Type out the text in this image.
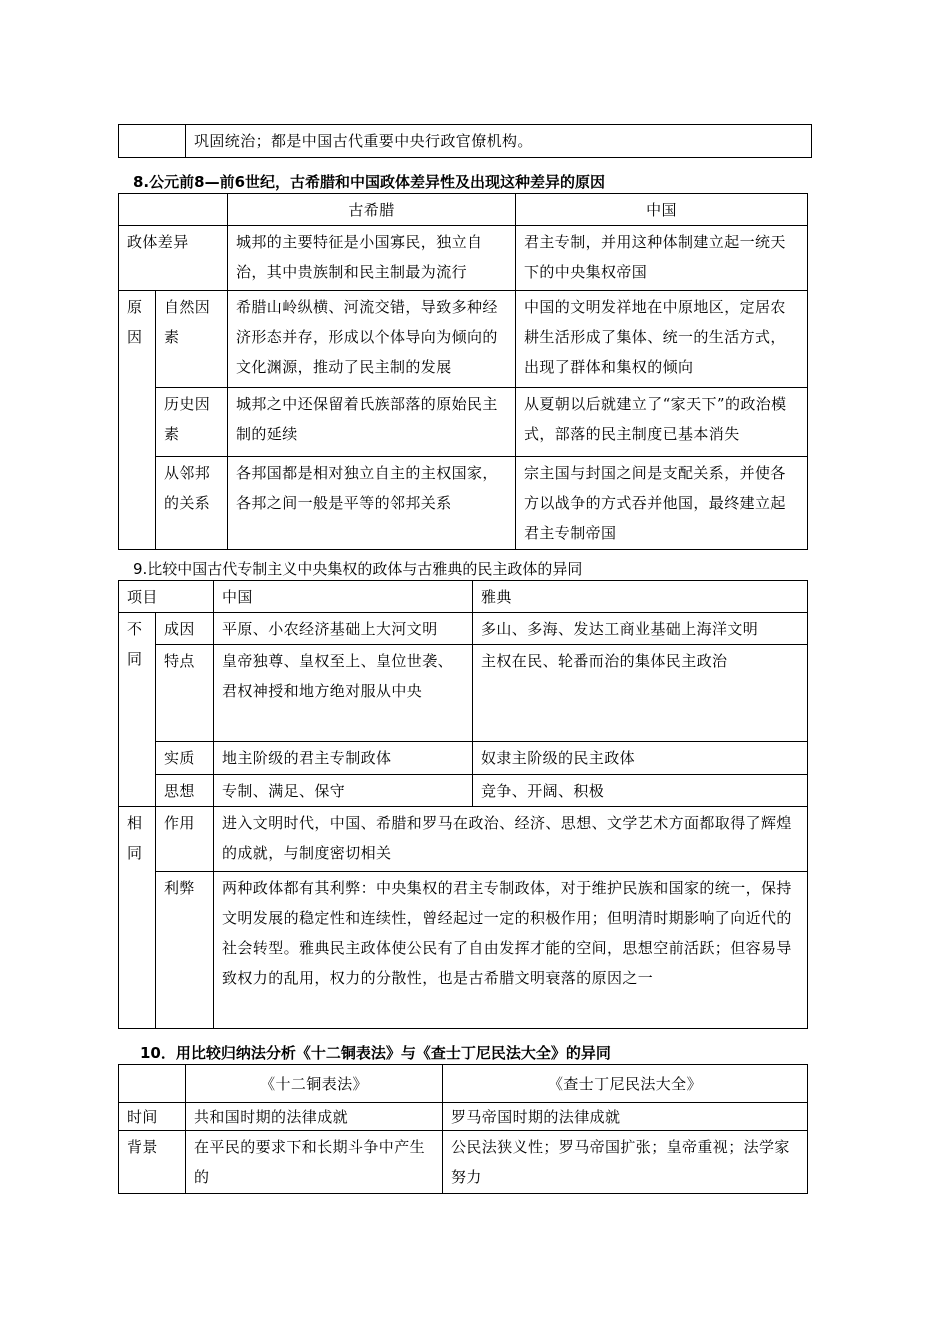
	巩固统治；都是中国古代重要中央行政官僚机构。
8.公元前8—前6世纪，古希腊和中国政体差异性及出现这种差异的原因
		古希腊	中国
政体差异		城邦的主要特征是小国寡民，独立自治，其中贵族制和民主制最为流行	君主专制，并用这种体制建立起一统天下的中央集权帝国
原因	自然因素	希腊山岭纵横、河流交错，导致多种经济形态并存，形成以个体导向为倾向的文化渊源，推动了民主制的发展	中国的文明发祥地在中原地区，定居农耕生活形成了集体、统一的生活方式，出现了群体和集权的倾向
	历史因素	城邦之中还保留着氏族部落的原始民主制的延续	从夏朝以后就建立了“家天下”的政治模式，部落的民主制度已基本消失
	从邻邦的关系	各邦国都是相对独立自主的主权国家，各邦之间一般是平等的邻邦关系	宗主国与封国之间是支配关系，并使各方以战争的方式吞并他国，最终建立起君主专制帝国
9.比较中国古代专制主义中央集权的政体与古雅典的民主政体的异同
项目		中国	雅典
不同	成因	平原、小农经济基础上大河文明	多山、多海、发达工商业基础上海洋文明
	特点	皇帝独尊、皇权至上、皇位世袭、君权神授和地方绝对服从中央	主权在民、轮番而治的集体民主政治
	实质	地主阶级的君主专制政体	奴隶主阶级的民主政体
	思想	专制、满足、保守	竞争、开阔、积极
相同	作用	进入文明时代，中国、希腊和罗马在政治、经济、思想、文学艺术方面都取得了辉煌的成就，与制度密切相关	
	利弊	两种政体都有其利弊：中央集权的君主专制政体，对于维护民族和国家的统一，保持文明发展的稳定性和连续性，曾经起过一定的积极作用；但明清时期影响了向近代的社会转型。雅典民主政体使公民有了自由发挥才能的空间，思想空前活跃；但容易导致权力的乱用，权力的分散性，也是古希腊文明衰落的原因之一	
10．用比较归纳法分析《十二铜表法》与《查士丁尼民法大全》的异同
	《十二铜表法》	《查士丁尼民法大全》
时间	共和国时期的法律成就	罗马帝国时期的法律成就
背景	在平民的要求下和长期斗争中产生的	公民法狭义性；罗马帝国扩张；皇帝重视；法学家努力
